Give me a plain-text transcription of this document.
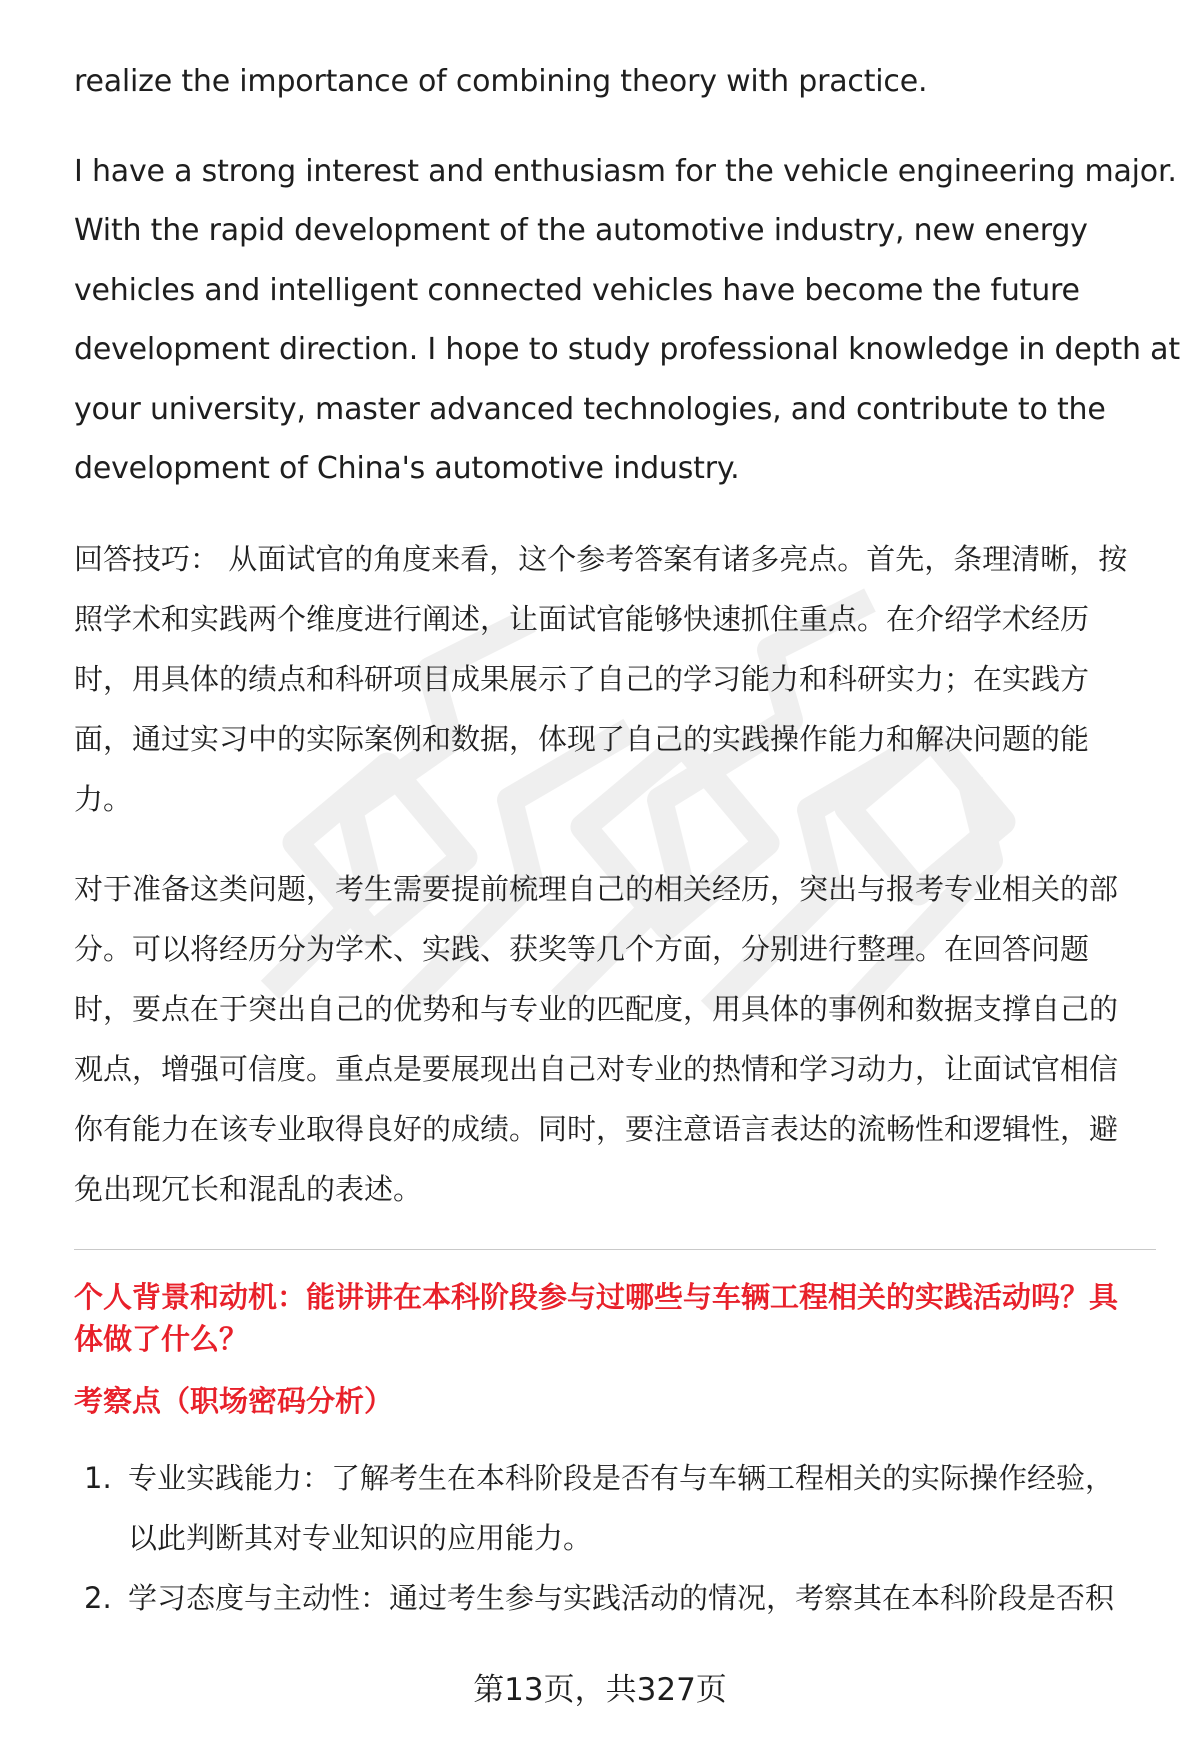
realize the importance of combining theory with practice.

I have a strong interest and enthusiasm for the vehicle engineering major.
With the rapid development of the automotive industry, new energy
vehicles and intelligent connected vehicles have become the future
development direction. I hope to study professional knowledge in depth at
your university, master advanced technologies, and contribute to the
development of China's automotive industry.

回答技巧： 从面试官的角度来看，这个参考答案有诸多亮点。首先，条理清晰，按
照学术和实践两个维度进行阐述，让面试官能够快速抓住重点。在介绍学术经历
时，用具体的绩点和科研项目成果展示了自己的学习能力和科研实力；在实践方
面，通过实习中的实际案例和数据，体现了自己的实践操作能力和解决问题的能
力。

对于准备这类问题，考生需要提前梳理自己的相关经历，突出与报考专业相关的部
分。可以将经历分为学术、实践、获奖等几个方面，分别进行整理。在回答问题
时，要点在于突出自己的优势和与专业的匹配度，用具体的事例和数据支撑自己的
观点，增强可信度。重点是要展现出自己对专业的热情和学习动力，让面试官相信
你有能力在该专业取得良好的成绩。同时，要注意语言表达的流畅性和逻辑性，避
免出现冗长和混乱的表述。

个人背景和动机：能讲讲在本科阶段参与过哪些与车辆工程相关的实践活动吗？具
体做了什么？
考察点（职场密码分析）
1. 专业实践能力：了解考生在本科阶段是否有与车辆工程相关的实际操作经验，
以此判断其对专业知识的应用能力。
2. 学习态度与主动性：通过考生参与实践活动的情况，考察其在本科阶段是否积
第13页，共327页
